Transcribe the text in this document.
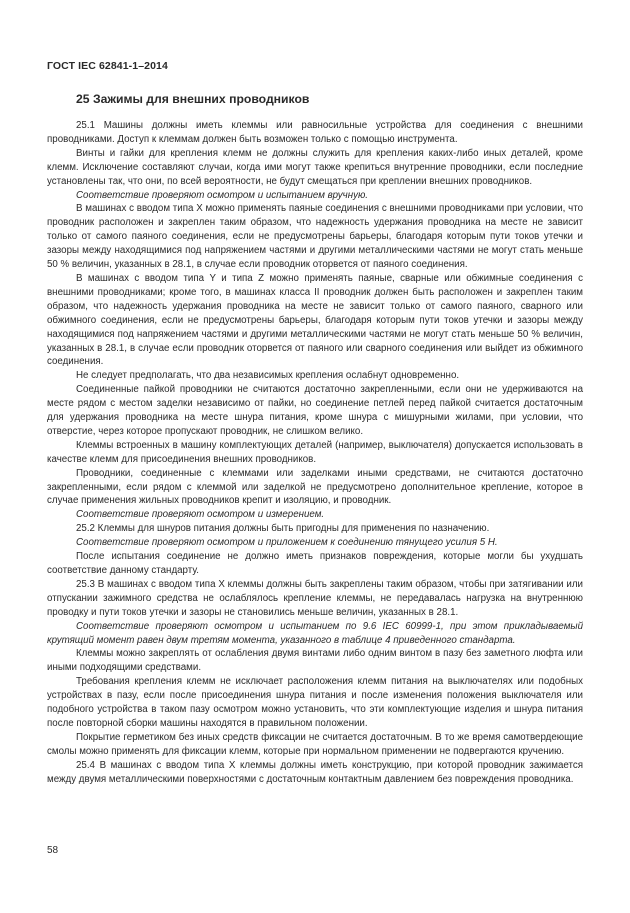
ГОСТ IEC 62841-1–2014
25 Зажимы для внешних проводников

25.1 Машины должны иметь клеммы или равносильные устройства для соединения с внешними проводниками. Доступ к клеммам должен быть возможен только с помощью инструмента.

Винты и гайки для крепления клемм не должны служить для крепления каких-либо иных деталей, кроме клемм. Исключение составляют случаи, когда ими могут также крепиться внутренние проводники, если последние установлены так, что они, по всей вероятности, не будут смещаться при креплении внешних проводников.

Соответствие проверяют осмотром и испытанием вручную.

В машинах с вводом типа X можно применять паяные соединения с внешними проводниками при условии, что проводник расположен и закреплен таким образом, что надежность удержания проводника на месте не зависит только от самого паяного соединения, если не предусмотрены барьеры, благодаря которым пути токов утечки и зазоры между находящимися под напряжением частями и другими металлическими частями не могут стать меньше 50 % величин, указанных в 28.1, в случае если проводник оторвется от паяного соединения.

В машинах с вводом типа Y и типа Z можно применять паяные, сварные или обжимные соединения с внешними проводниками; кроме того, в машинах класса II проводник должен быть расположен и закреплен таким образом, что надежность удержания проводника на месте не зависит только от самого паяного, сварного или обжимного соединения, если не предусмотрены барьеры, благодаря которым пути токов утечки и зазоры между находящимися под напряжением частями и другими металлическими частями не могут стать меньше 50 % величин, указанных в 28.1, в случае если проводник оторвется от паяного или сварного соединения или выйдет из обжимного соединения.

Не следует предполагать, что два независимых крепления ослабнут одновременно.

Соединенные пайкой проводники не считаются достаточно закрепленными, если они не удерживаются на месте рядом с местом заделки независимо от пайки, но соединение петлей перед пайкой считается достаточным для удержания проводника на месте шнура питания, кроме шнура с мишурными жилами, при условии, что отверстие, через которое пропускают проводник, не слишком велико.

Клеммы встроенных в машину комплектующих деталей (например, выключателя) допускается использовать в качестве клемм для присоединения внешних проводников.

Проводники, соединенные с клеммами или заделками иными средствами, не считаются достаточно закрепленными, если рядом с клеммой или заделкой не предусмотрено дополнительное крепление, которое в случае применения жильных проводников крепит и изоляцию, и проводник.

Соответствие проверяют осмотром и измерением.

25.2 Клеммы для шнуров питания должны быть пригодны для применения по назначению.

Соответствие проверяют осмотром и приложением к соединению тянущего усилия 5 Н.

После испытания соединение не должно иметь признаков повреждения, которые могли бы ухудшать соответствие данному стандарту.

25.3 В машинах с вводом типа X клеммы должны быть закреплены таким образом, чтобы при затягивании или отпускании зажимного средства не ослаблялось крепление клеммы, не передавалась нагрузка на внутреннюю проводку и пути токов утечки и зазоры не становились меньше величин, указанных в 28.1.

Соответствие проверяют осмотром и испытанием по 9.6 IEC 60999-1, при этом прикладываемый крутящий момент равен двум третям момента, указанного в таблице 4 приведенного стандарта.

Клеммы можно закреплять от ослабления двумя винтами либо одним винтом в пазу без заметного люфта или иными подходящими средствами.

Требования крепления клемм не исключает расположения клемм питания на выключателях или подобных устройствах в пазу, если после присоединения шнура питания и после изменения положения выключателя или подобного устройства в таком пазу осмотром можно установить, что эти комплектующие изделия и шнура питания после повторной сборки машины находятся в правильном положении.

Покрытие герметиком без иных средств фиксации не считается достаточным. В то же время самотвердеющие смолы можно применять для фиксации клемм, которые при нормальном применении не подвергаются кручению.

25.4 В машинах с вводом типа X клеммы должны иметь конструкцию, при которой проводник зажимается между двумя металлическими поверхностями с достаточным контактным давлением без повреждения проводника.

58
